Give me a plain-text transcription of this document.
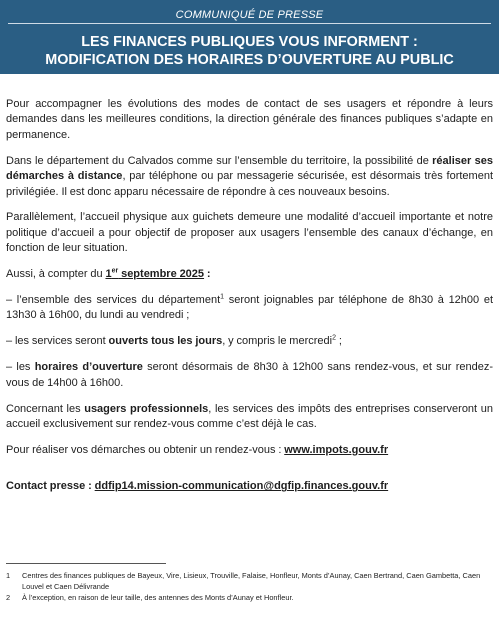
COMMUNIQUÉ DE PRESSE
LES FINANCES PUBLIQUES VOUS INFORMENT :
MODIFICATION DES HORAIRES D’OUVERTURE AU PUBLIC

Pour accompagner les évolutions des modes de contact de ses usagers et répondre à leurs demandes dans les meilleures conditions, la direction générale des finances publiques s’adapte en permanence.

Dans le département du Calvados comme sur l’ensemble du territoire, la possibilité de réaliser ses démarches à distance, par téléphone ou par messagerie sécurisée, est désormais très fortement privilégiée. Il est donc apparu nécessaire de répondre à ces nouveaux besoins.

Parallèlement, l’accueil physique aux guichets demeure une modalité d’accueil importante et notre politique d’accueil a pour objectif de proposer aux usagers l’ensemble des canaux d’échange, en fonction de leur situation.

Aussi, à compter du 1er septembre 2025 :

– l’ensemble des services du département$^1$ seront joignables par téléphone de 8h30 à 12h00 et 13h30 à 16h00, du lundi au vendredi ;

– les services seront ouverts tous les jours, y compris le mercredi$^2$ ;

– les horaires d’ouverture seront désormais de 8h30 à 12h00 sans rendez-vous, et sur rendez-vous de 14h00 à 16h00.

Concernant les usagers professionnels, les services des impôts des entreprises conserveront un accueil exclusivement sur rendez-vous comme c’est déjà le cas.

Pour réaliser vos démarches ou obtenir un rendez-vous : www.impots.gouv.fr

Contact presse : ddfip14.mission-communication@dgfip.finances.gouv.fr

1	Centres des finances publiques de Bayeux, Vire, Lisieux, Trouville, Falaise, Honfleur, Monts d’Aunay, Caen Bertrand, Caen Gambetta, Caen Louvel et Caen Délivrande
2	À l’exception, en raison de leur taille, des antennes des Monts d’Aunay et Honfleur.
